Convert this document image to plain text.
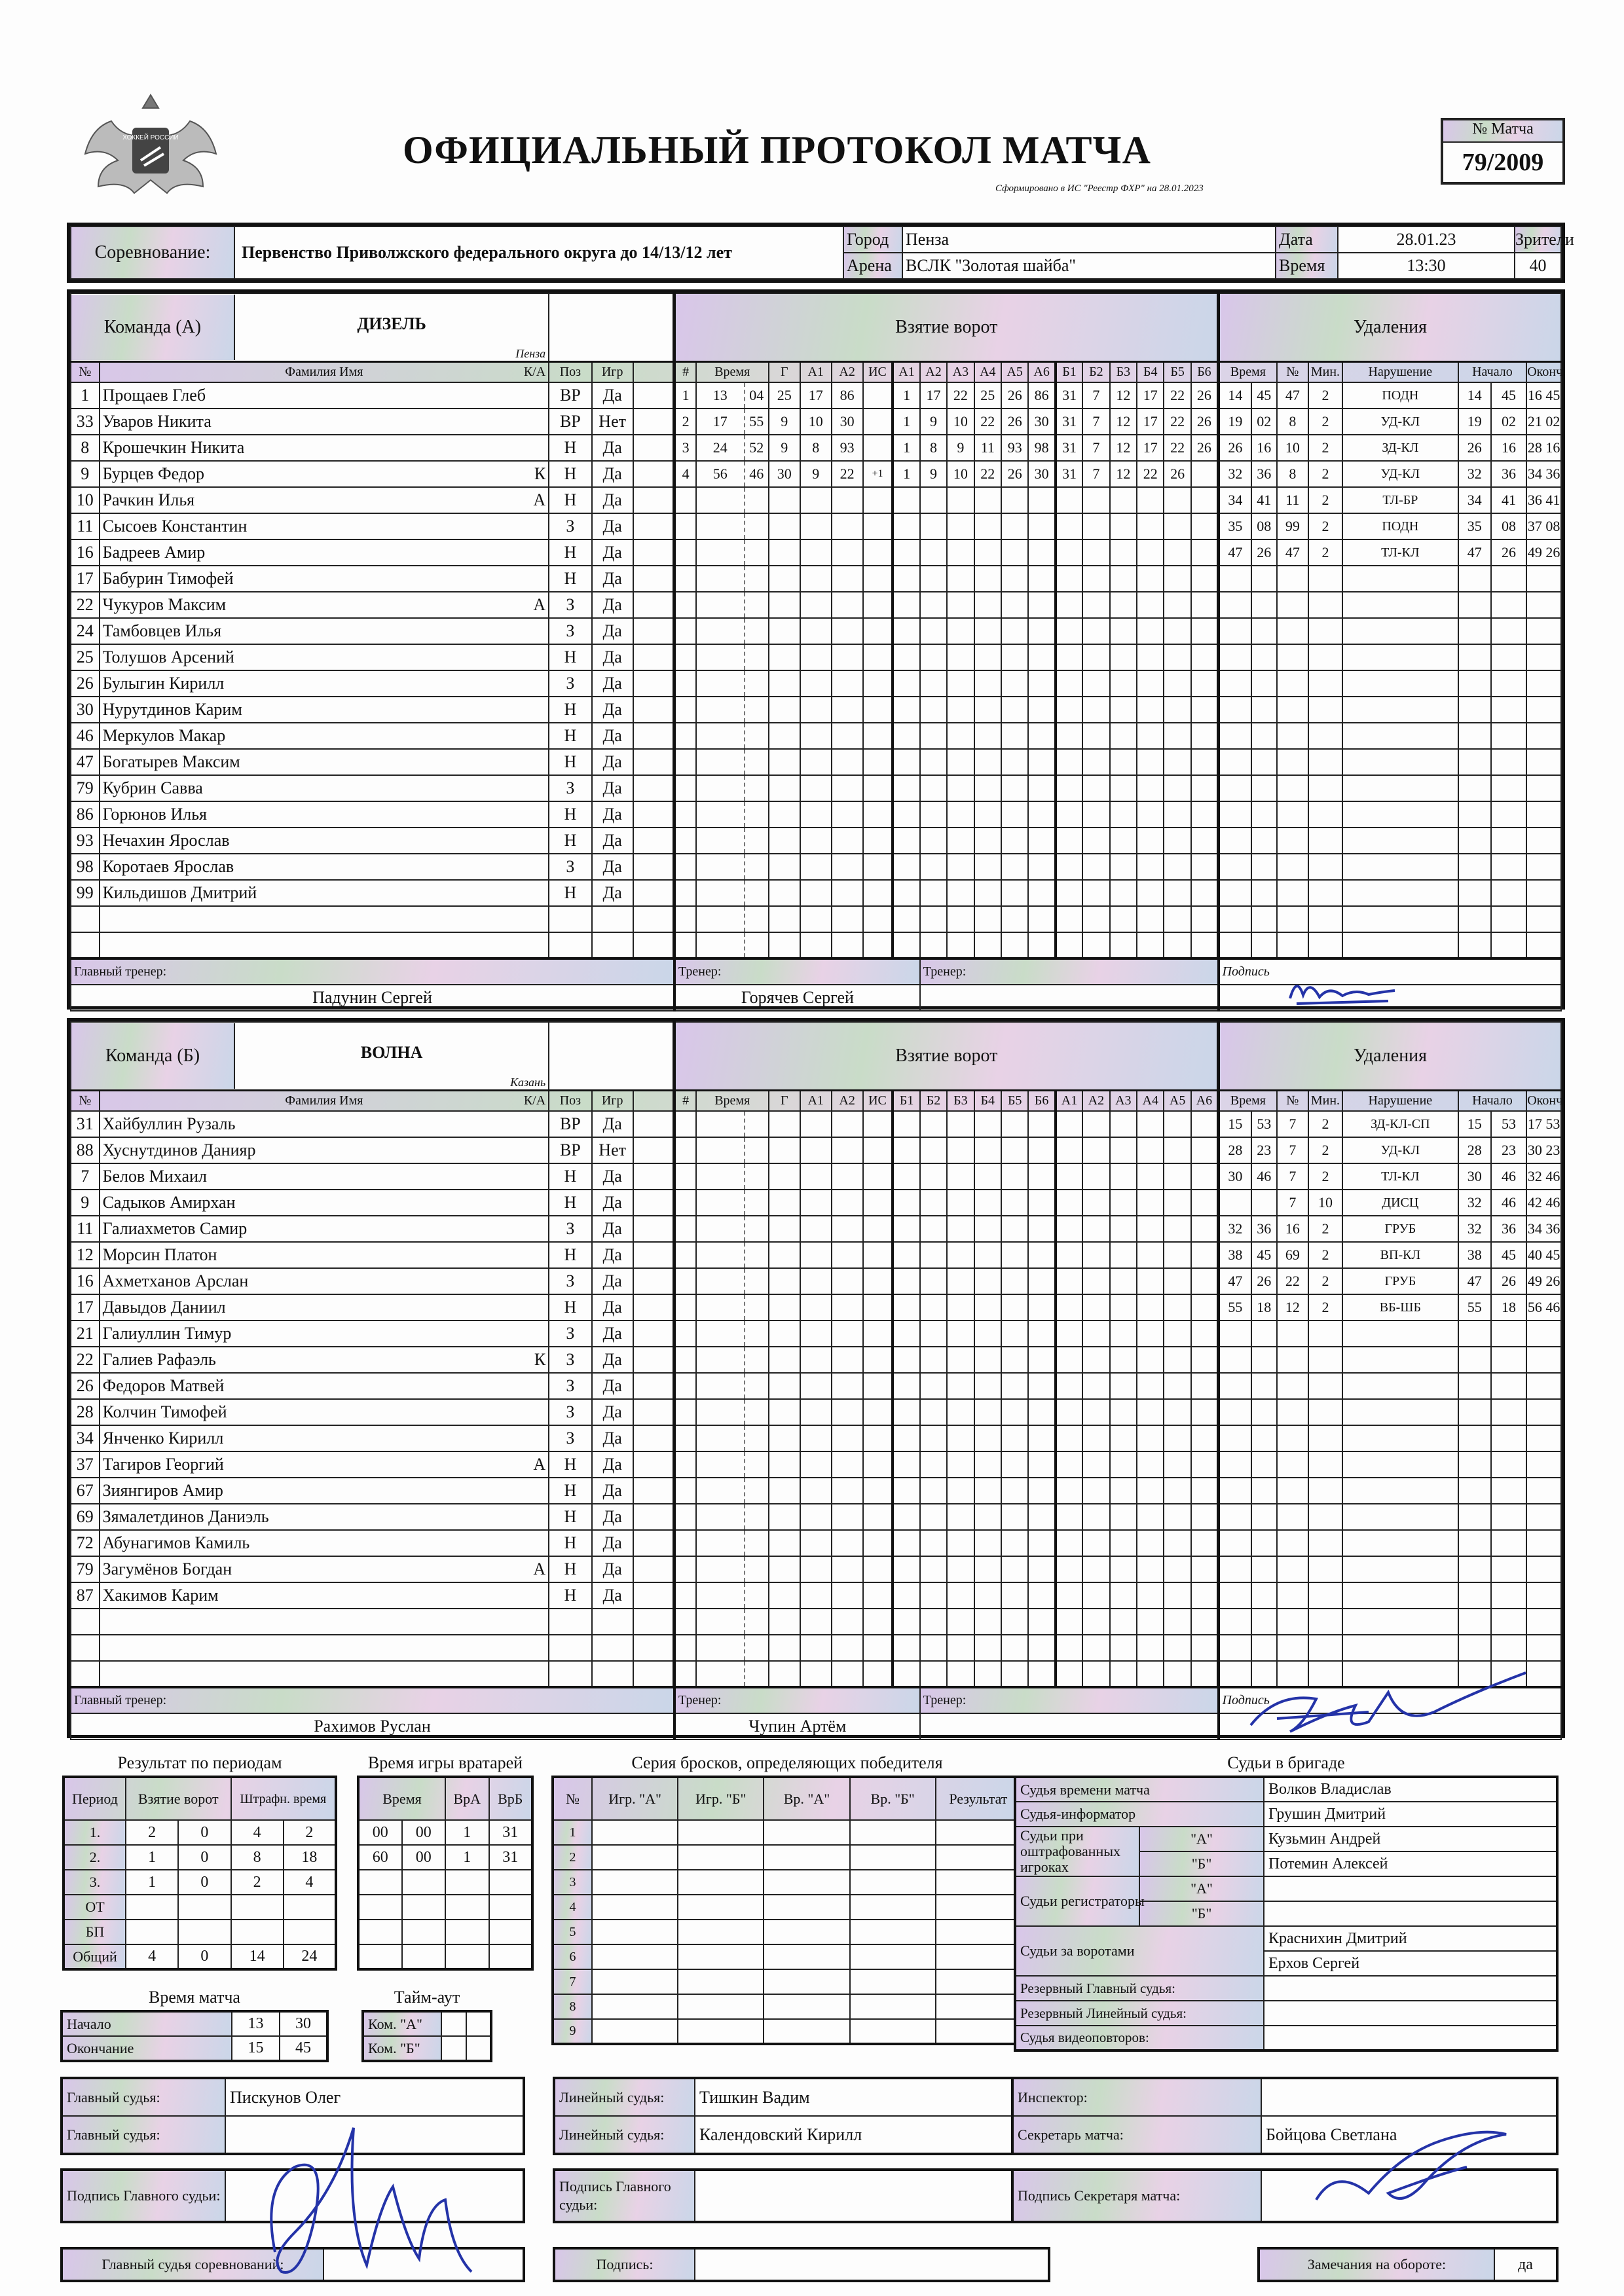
ХОККЕЙ РОССИИ	ОФИЦИАЛЬНЫЙ ПРОТОКОЛ МАТЧА
Сформировано в ИС "Реестр ФХР" на 28.01.2023
№ Матча
79/2009
Соревнование:	Первенство Приволжского федерального округа до 14/13/12 лет	Город	Пенза	Дата	28.01.23	Зрители
		Арена	ВСЛК "Золотая шайба"	Время	13:30	40
Команда (А) ДИЗЕЛЬ
Пенза					Взятие ворот																			Удаления							
№	Фамилия Имя К/А	Поз	Игр		#	Время		Г	А1	А2	ИС	А1	А2	А3	А4	А5	А6	Б1	Б2	Б3	Б4	Б5	Б6	Время		№	Мин.	Нарушение	Начало		Оконч.
1	Прощаев Глеб	ВР	Да		1	13	04	25	17	86		1	17	22	25	26	86	31	7	12	17	22	26	14	45	47	2	ПОДН	14	45	16 45
33	Уваров Никита	ВР	Нет		2	17	55	9	10	30		1	9	10	22	26	30	31	7	12	17	22	26	19	02	8	2	УД-КЛ	19	02	21 02
8	Крошечкин Никита	Н	Да		3	24	52	9	8	93		1	8	9	11	93	98	31	7	12	17	22	26	26	16	10	2	ЗД-КЛ	26	16	28 16
9	Бурцев Федор К	Н	Да		4	56	46	30	9	22	+1	1	9	10	22	26	30	31	7	12	22	26		32	36	8	2	УД-КЛ	32	36	34 36
10	Рачкин Илья А	Н	Да																					34	41	11	2	ТЛ-БР	34	41	36 41
11	Сысоев Константин	З	Да																					35	08	99	2	ПОДН	35	08	37 08
16	Бадреев Амир	Н	Да																					47	26	47	2	ТЛ-КЛ	47	26	49 26
17	Бабурин Тимофей	Н	Да																												
22	Чукуров Максим А	З	Да																												
24	Тамбовцев Илья	З	Да																												
25	Толушов Арсений	Н	Да																												
26	Булыгин Кирилл	З	Да																												
30	Нурутдинов Карим	Н	Да																												
46	Меркулов Макар	Н	Да																												
47	Богатырев Максим	Н	Да																												
79	Кубрин Савва	З	Да																												
86	Горюнов Илья	Н	Да																												
93	Нечахин Ярослав	Н	Да																												
98	Коротаев Ярослав	З	Да																												
99	Кильдишов Дмитрий	Н	Да																												

Главный тренер:					Тренер:								Тренер:											Подпись							
Падунин Сергей					Горячев Сергей																										
Команда (Б) ВОЛНА
Казань					Взятие ворот																			Удаления							
№	Фамилия Имя К/А	Поз	Игр		#	Время		Г	А1	А2	ИС	Б1	Б2	Б3	Б4	Б5	Б6	А1	А2	А3	А4	А5	А6	Время		№	Мин.	Нарушение	Начало		Оконч.
31	Хайбуллин Рузаль	ВР	Да																					15	53	7	2	ЗД-КЛ-СП	15	53	17 53
88	Хуснутдинов Данияр	ВР	Нет																					28	23	7	2	УД-КЛ	28	23	30 23
7	Белов Михаил	Н	Да																					30	46	7	2	ТЛ-КЛ	30	46	32 46
9	Садыков Амирхан	Н	Да																							7	10	ДИСЦ	32	46	42 46
11	Галиахметов Самир	З	Да																					32	36	16	2	ГРУБ	32	36	34 36
12	Морсин Платон	Н	Да																					38	45	69	2	ВП-КЛ	38	45	40 45
16	Ахметханов Арслан	З	Да																					47	26	22	2	ГРУБ	47	26	49 26
17	Давыдов Даниил	Н	Да																					55	18	12	2	ВБ-ШБ	55	18	56 46
21	Галиуллин Тимур	З	Да																												
22	Галиев Рафаэль К	З	Да																												
26	Федоров Матвей	З	Да																												
28	Колчин Тимофей	З	Да																												
34	Янченко Кирилл	З	Да																												
37	Тагиров Георгий А	Н	Да																												
67	Зиянгиров Амир	Н	Да																												
69	Зямалетдинов Даниэль	Н	Да																												
72	Абунагимов Камиль	Н	Да																												
79	Загумёнов Богдан А	Н	Да																												
87	Хакимов Карим	Н	Да																												

Главный тренер:					Тренер:								Тренер:											Подпись							
Рахимов Руслан					Чупин Артём																										
Результат по периодам
Период	Взятие ворот		Штрафн. время	
1.	2	0	4	2
2.	1	0	8	18
3.	1	0	2	4
ОТ				
БП				
Общий	4	0	14	24
Время игры вратарей
Время		ВрА	ВрБ
00	00	1	31
60	00	1	31

Время матча
Начало	13	30
Окончание	15	45
Тайм-аут
Ком. "А"		
Ком. "Б"		
Серия бросков, определяющих победителя
№	Игр. "А"	Игр. "Б"	Вр. "А"	Вр. "Б"	Результат
1					
2					
3					
4					
5					
6					
7					
8					
9					
Судьи в бригаде
Судья времени матча		Волков Владислав
Судья-информатор		Грушин Дмитрий
Судьи при оштрафованных игроках	"А"	Кузьмин Андрей
	"Б"	Потемин Алексей
Судьи регистраторы	"А"	
	"Б"	
Судьи за воротами		Краснихин Дмитрий
		Ерхов Сергей
Резервный Главный судья:		
Резервный Линейный судья:		
Судья видеоповторов:		
Главный судья:	Пискунов Олег
Главный судья:	
Линейный судья:	Тишкин Вадим
Линейный судья:	Календовский Кирилл
Инспектор:	
Секретарь матча:	Бойцова Светлана
Подпись Главного судьи:	
Подпись Главного судьи:	
Подпись Секретаря матча:	
Главный судья соревнований:		Подпись:		Замечания на обороте:	да
